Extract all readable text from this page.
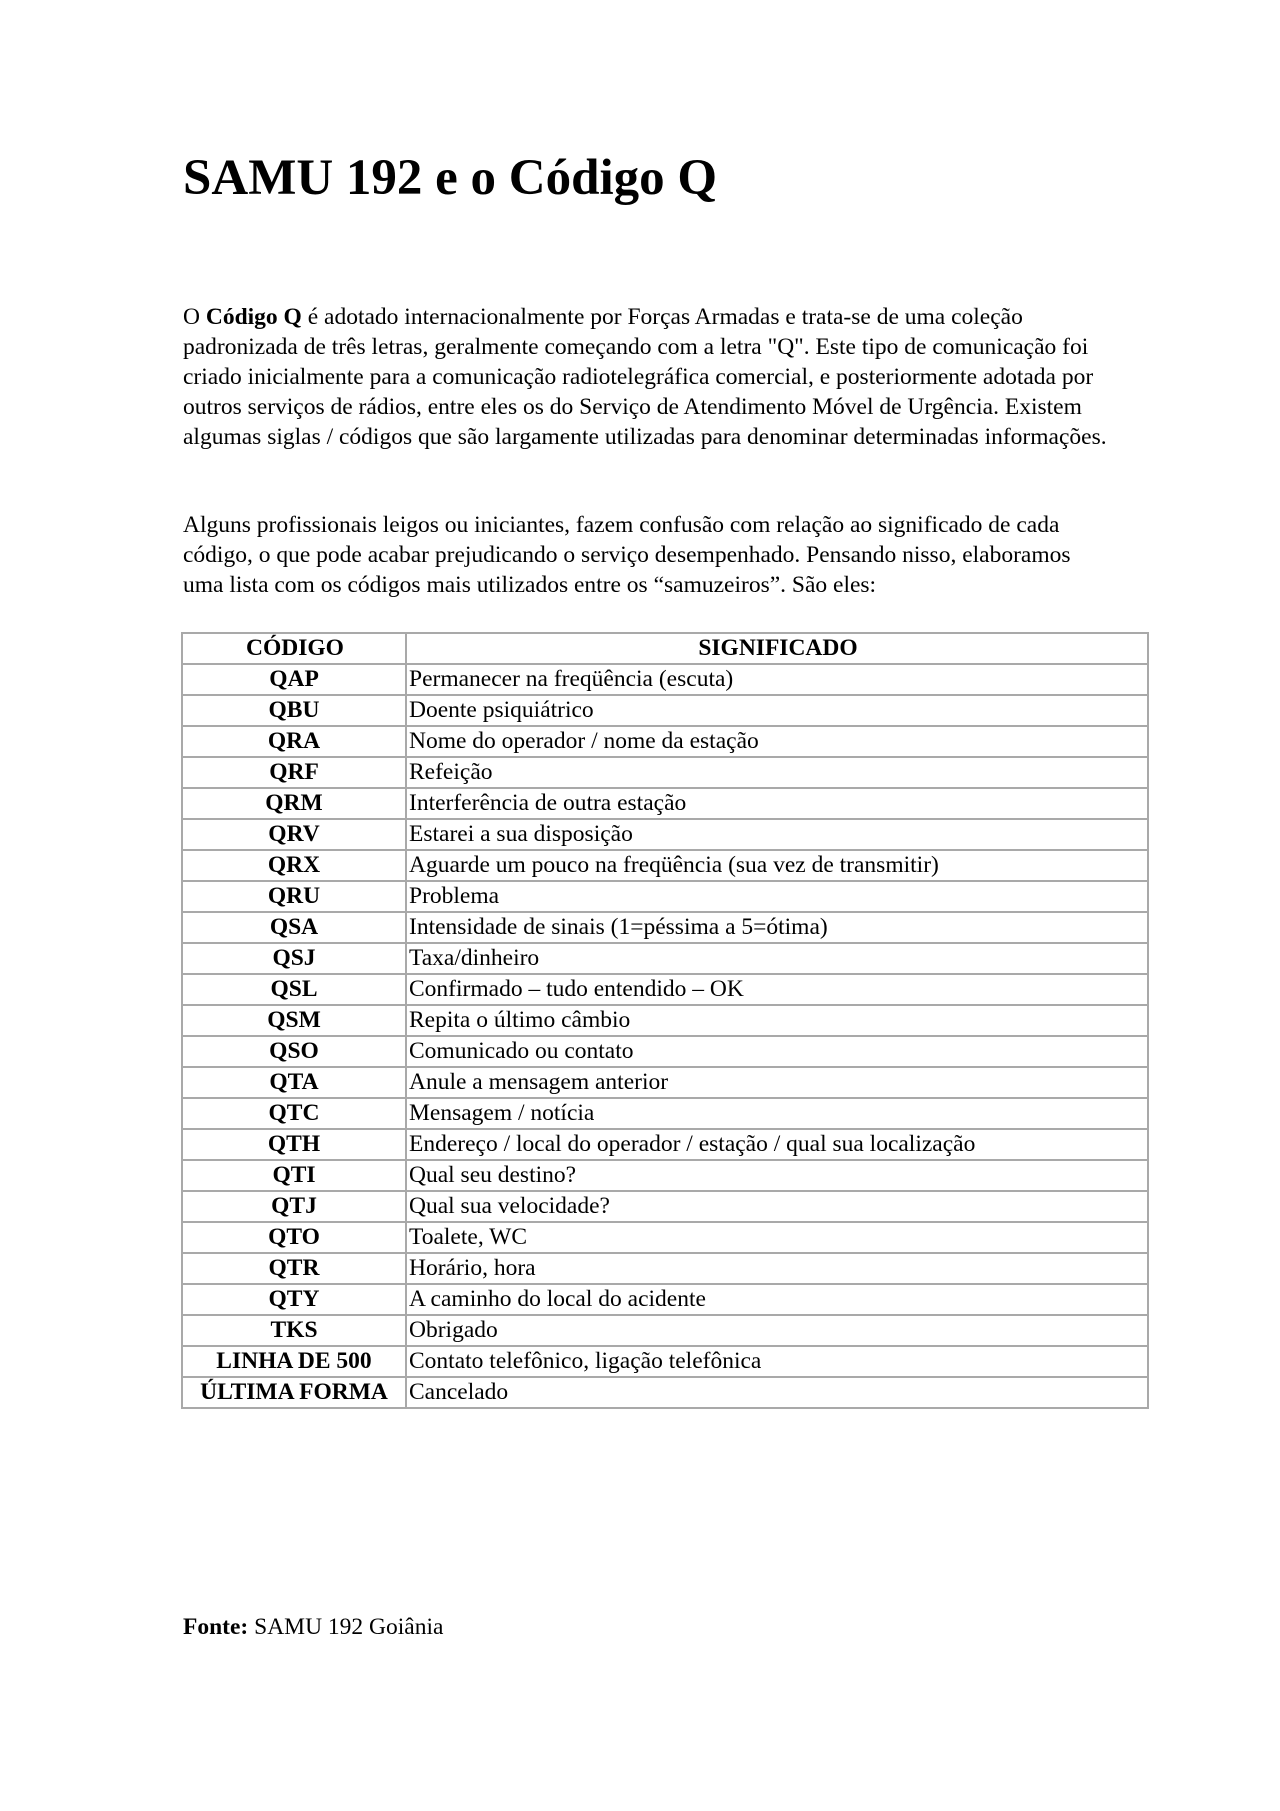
SAMU 192 e o Código Q

O Código Q é adotado internacionalmente por Forças Armadas e trata-se de uma coleção padronizada de três letras, geralmente começando com a letra "Q". Este tipo de comunicação foi criado inicialmente para a comunicação radiotelegráfica comercial, e posteriormente adotada por outros serviços de rádios, entre eles os do Serviço de Atendimento Móvel de Urgência. Existem algumas siglas / códigos que são largamente utilizadas para denominar determinadas informações.

Alguns profissionais leigos ou iniciantes, fazem confusão com relação ao significado de cada código, o que pode acabar prejudicando o serviço desempenhado. Pensando nisso, elaboramos uma lista com os códigos mais utilizados entre os “samuzeiros”. São eles:

CÓDIGO	SIGNIFICADO
QAP	Permanecer na freqüência (escuta)
QBU	Doente psiquiátrico
QRA	Nome do operador / nome da estação
QRF	Refeição
QRM	Interferência de outra estação
QRV	Estarei a sua disposição
QRX	Aguarde um pouco na freqüência (sua vez de transmitir)
QRU	Problema
QSA	Intensidade de sinais (1=péssima a 5=ótima)
QSJ	Taxa/dinheiro
QSL	Confirmado – tudo entendido – OK
QSM	Repita o último câmbio
QSO	Comunicado ou contato
QTA	Anule a mensagem anterior
QTC	Mensagem / notícia
QTH	Endereço / local do operador / estação / qual sua localização
QTI	Qual seu destino?
QTJ	Qual sua velocidade?
QTO	Toalete, WC
QTR	Horário, hora
QTY	A caminho do local do acidente
TKS	Obrigado
LINHA DE 500	Contato telefônico, ligação telefônica
ÚLTIMA FORMA	Cancelado

Fonte: SAMU 192 Goiânia
